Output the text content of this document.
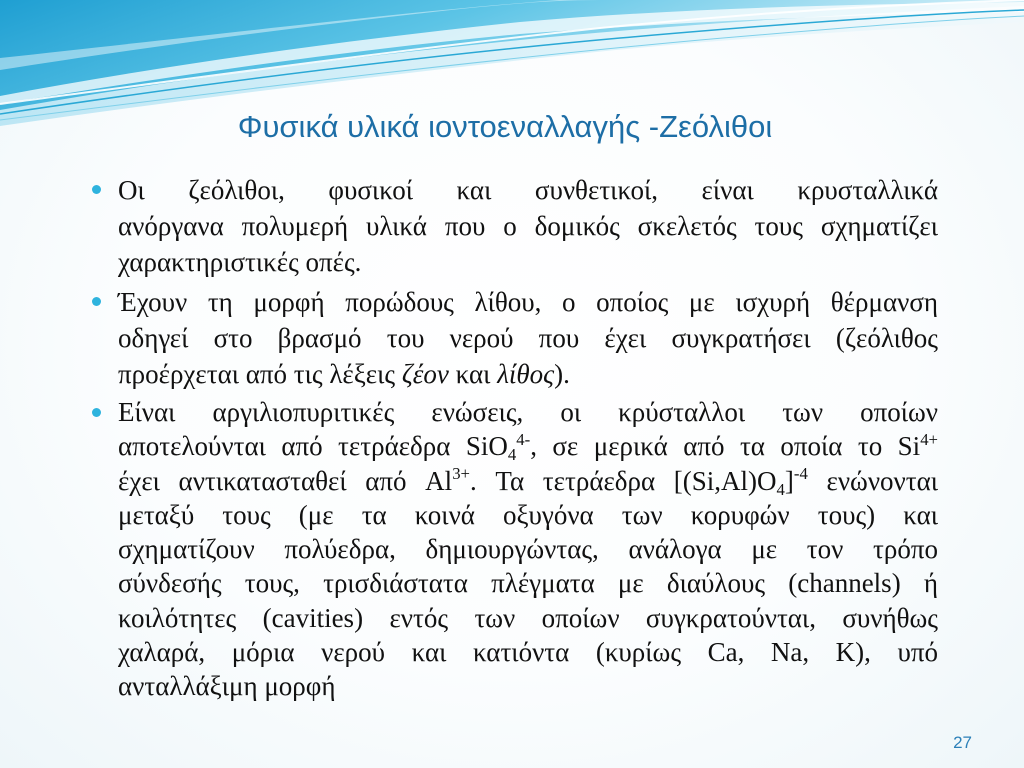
Φυσικά υλικά ιοντοεναλλαγής -Ζεόλιθοι
Οι ζεόλιθοι, φυσικοί και συνθετικοί, είναι κρυσταλλικά
ανόργανα πολυμερή υλικά που ο δομικός σκελετός τους σχηματίζει
χαρακτηριστικές οπές.
Έχουν τη μορφή πορώδους λίθου, ο οποίος με ισχυρή θέρμανση
οδηγεί στο βρασμό του νερού που έχει συγκρατήσει (ζεόλιθος
προέρχεται από τις λέξεις ζέον και λίθος).
Είναι αργιλιοπυριτικές ενώσεις, οι κρύσταλλοι των οποίων
αποτελούνται από τετράεδρα $SiO4^{4-}$, σε μερικά από τα οποία το $Si^{4+}$
έχει αντικατασταθεί από $Al^{3+}$. Τα τετράεδρα $[(Si,Al)O4]^{-4}$ ενώνονται
μεταξύ τους (με τα κοινά οξυγόνα των κορυφών τους) και
σχηματίζουν πολύεδρα, δημιουργώντας, ανάλογα με τον τρόπο
σύνδεσής τους, τρισδιάστατα πλέγματα με διαύλους (channels) ή
κοιλότητες (cavities) εντός των οποίων συγκρατούνται, συνήθως
χαλαρά, μόρια νερού και κατιόντα (κυρίως Ca, Na, K), υπό
ανταλλάξιμη μορφή
27
